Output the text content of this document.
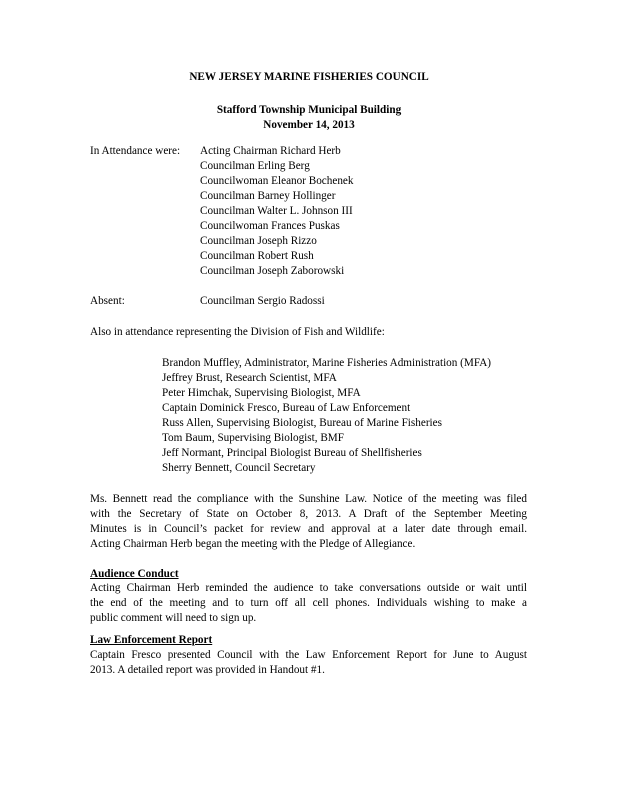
NEW JERSEY MARINE FISHERIES COUNCIL
Stafford Township Municipal Building
November 14, 2013
In Attendance were: Acting Chairman Richard Herb
Councilman Erling Berg
Councilwoman Eleanor Bochenek
Councilman Barney Hollinger
Councilman Walter L. Johnson III
Councilwoman Frances Puskas
Councilman Joseph Rizzo
Councilman Robert Rush
Councilman Joseph Zaborowski
Absent:	Councilman Sergio Radossi
Also in attendance representing the Division of Fish and Wildlife:
Brandon Muffley, Administrator, Marine Fisheries Administration (MFA)
Jeffrey Brust, Research Scientist, MFA
Peter Himchak, Supervising Biologist, MFA
Captain Dominick Fresco, Bureau of Law Enforcement
Russ Allen, Supervising Biologist, Bureau of Marine Fisheries
Tom Baum, Supervising Biologist, BMF
Jeff Normant, Principal Biologist Bureau of Shellfisheries
Sherry Bennett, Council Secretary
Ms. Bennett read the compliance with the Sunshine Law. Notice of the meeting was filed
with the Secretary of State on October 8, 2013. A Draft of the September Meeting
Minutes is in Council’s packet for review and approval at a later date through email.
Acting Chairman Herb began the meeting with the Pledge of Allegiance.
Audience Conduct
Acting Chairman Herb reminded the audience to take conversations outside or wait until
the end of the meeting and to turn off all cell phones. Individuals wishing to make a
public comment will need to sign up.
Law Enforcement Report
Captain Fresco presented Council with the Law Enforcement Report for June to August
2013. A detailed report was provided in Handout #1.
